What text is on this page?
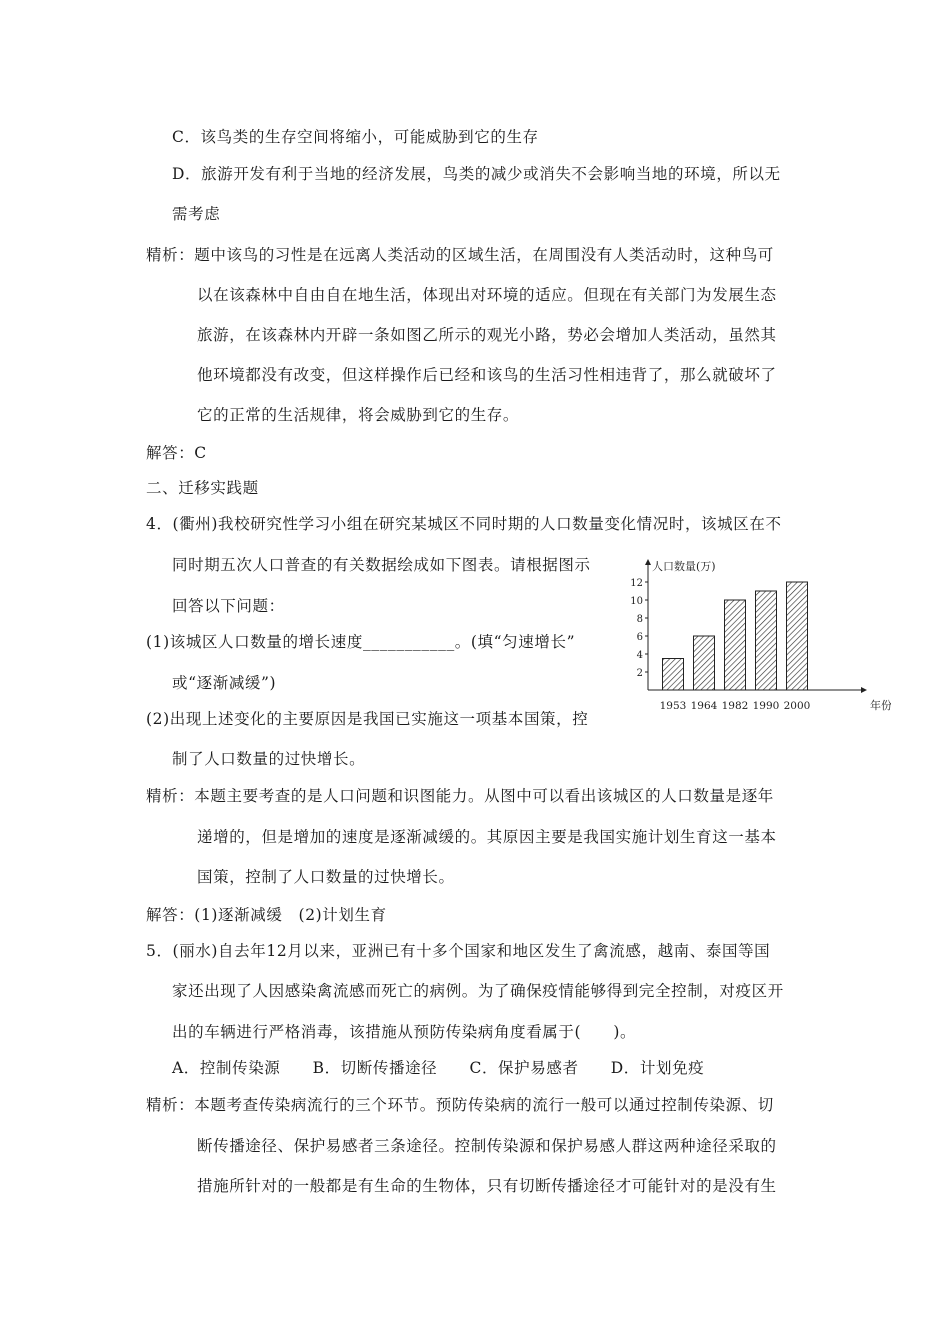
C．该鸟类的生存空间将缩小，可能威胁到它的生存
D．旅游开发有利于当地的经济发展，鸟类的减少或消失不会影响当地的环境，所以无
需考虑
精析：题中该鸟的习性是在远离人类活动的区域生活，在周围没有人类活动时，这种鸟可
以在该森林中自由自在地生活，体现出对环境的适应。但现在有关部门为发展生态
旅游，在该森林内开辟一条如图乙所示的观光小路，势必会增加人类活动，虽然其
他环境都没有改变，但这样操作后已经和该鸟的生活习性相违背了，那么就破坏了
它的正常的生活规律，将会威胁到它的生存。
解答：C
二、迁移实践题
4．(衢州)我校研究性学习小组在研究某城区不同时期的人口数量变化情况时，该城区在不
同时期五次人口普查的有关数据绘成如下图表。请根据图示
回答以下问题：
(1)该城区人口数量的增长速度___________。(填“匀速增长”
或“逐渐减缓”)
(2)出现上述变化的主要原因是我国已实施这一项基本国策，控
制了人口数量的过快增长。
精析：本题主要考查的是人口问题和识图能力。从图中可以看出该城区的人口数量是逐年
递增的，但是增加的速度是逐渐减缓的。其原因主要是我国实施计划生育这一基本
国策，控制了人口数量的过快增长。
解答：(1)逐渐减缓　(2)计划生育
5．(丽水)自去年12月以来，亚洲已有十多个国家和地区发生了禽流感，越南、泰国等国
家还出现了人因感染禽流感而死亡的病例。为了确保疫情能够得到完全控制，对疫区开
出的车辆进行严格消毒，该措施从预防传染病角度看属于(　　)。
A．控制传染源　　B．切断传播途径　　C．保护易感者　　D．计划免疫
精析：本题考查传染病流行的三个环节。预防传染病的流行一般可以通过控制传染源、切
断传播途径、保护易感者三条途径。控制传染源和保护易感人群这两种途径采取的
措施所针对的一般都是有生命的生物体，只有切断传播途径才可能针对的是没有生
人口数量(万)
年份
2
4
6
8
10
12
1953 1964 1982 1990 2000
